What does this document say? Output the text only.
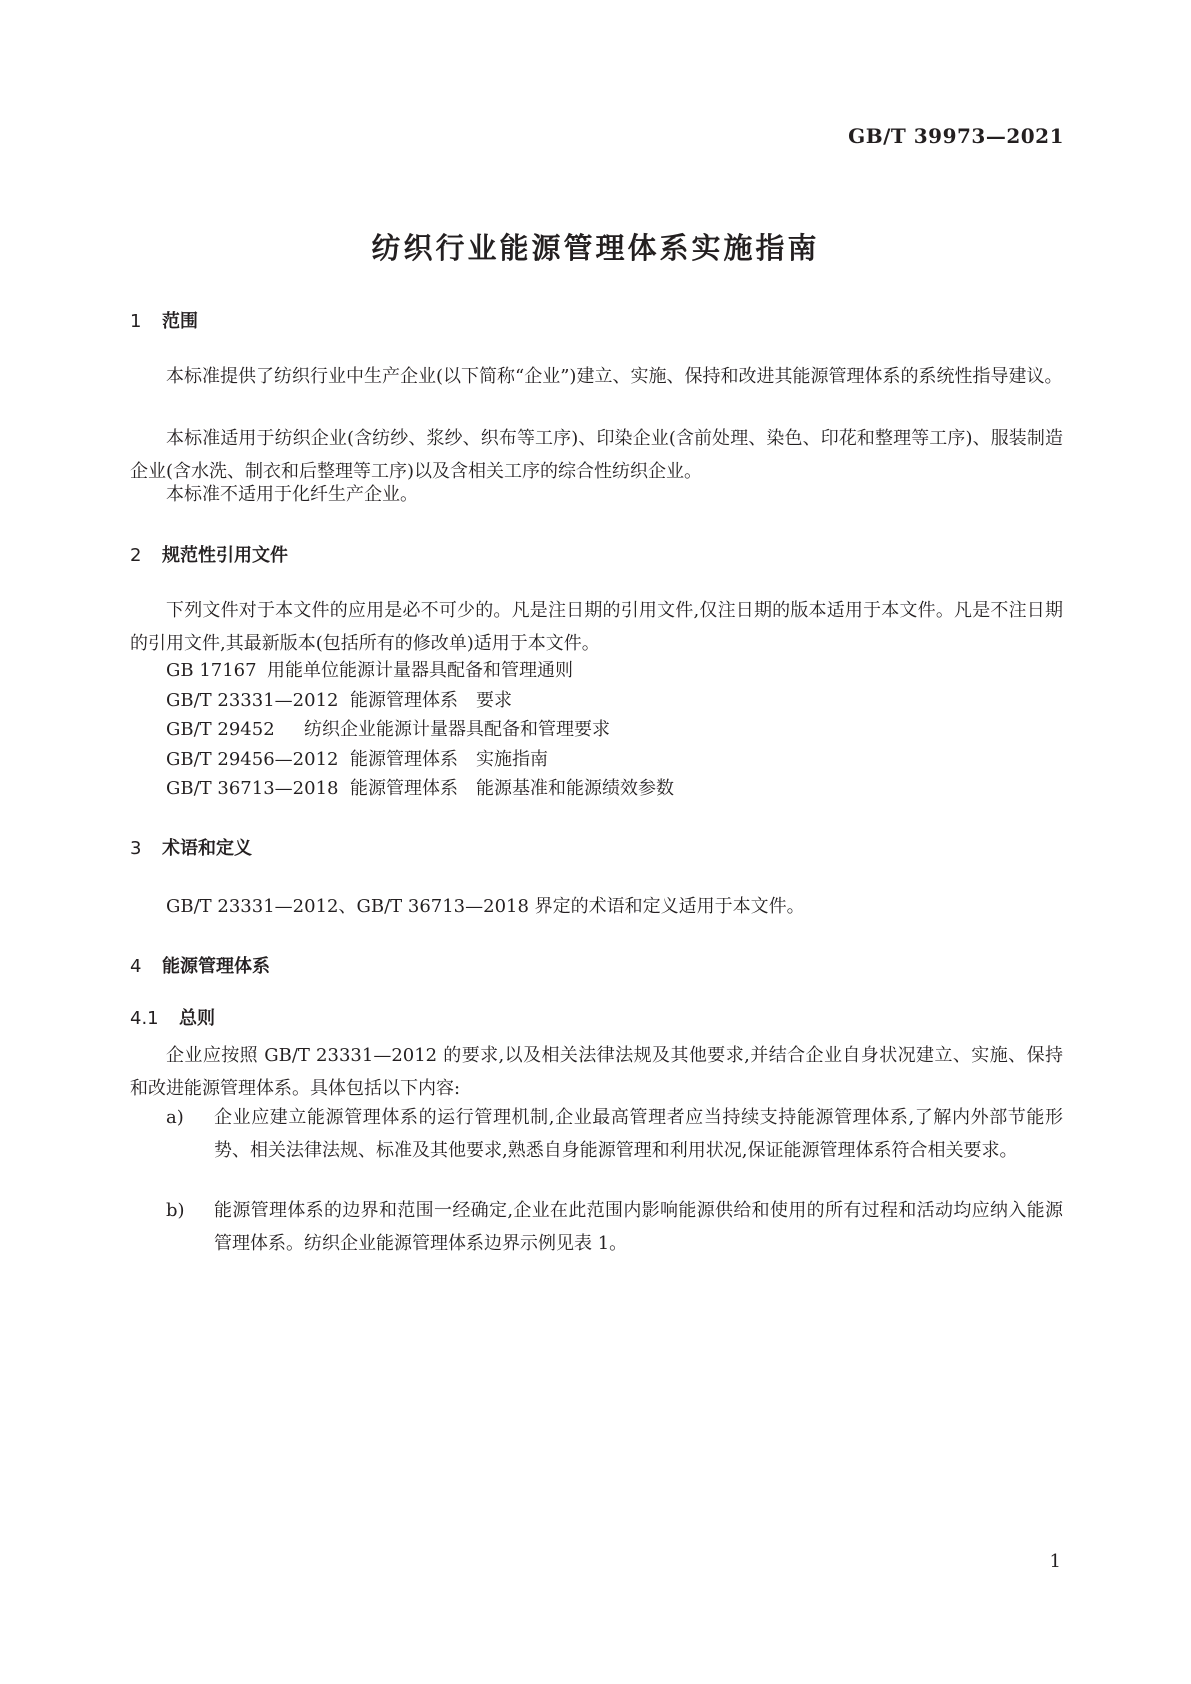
GB/T 39973—2021
纺织行业能源管理体系实施指南
1 范围
本标准提供了纺织行业中生产企业(以下简称“企业”)建立、实施、保持和改进其能源管理体系的系统性指导建议。
本标准适用于纺织企业(含纺纱、浆纱、织布等工序)、印染企业(含前处理、染色、印花和整理等工序)、服装制造企业(含水洗、制衣和后整理等工序)以及含相关工序的综合性纺织企业。
本标准不适用于化纤生产企业。
2 规范性引用文件
下列文件对于本文件的应用是必不可少的。凡是注日期的引用文件,仅注日期的版本适用于本文件。凡是不注日期的引用文件,其最新版本(包括所有的修改单)适用于本文件。
GB 17167 用能单位能源计量器具配备和管理通则
GB/T 23331—2012 能源管理体系 要求
GB/T 29452 纺织企业能源计量器具配备和管理要求
GB/T 29456—2012 能源管理体系 实施指南
GB/T 36713—2018 能源管理体系 能源基准和能源绩效参数
3 术语和定义
GB/T 23331—2012、GB/T 36713—2018 界定的术语和定义适用于本文件。
4 能源管理体系
4.1 总则
企业应按照 GB/T 23331—2012 的要求,以及相关法律法规及其他要求,并结合企业自身状况建立、实施、保持和改进能源管理体系。具体包括以下内容:
a) 企业应建立能源管理体系的运行管理机制,企业最高管理者应当持续支持能源管理体系,了解内外部节能形势、相关法律法规、标准及其他要求,熟悉自身能源管理和利用状况,保证能源管理体系符合相关要求。
b) 能源管理体系的边界和范围一经确定,企业在此范围内影响能源供给和使用的所有过程和活动均应纳入能源管理体系。纺织企业能源管理体系边界示例见表 1。
1
